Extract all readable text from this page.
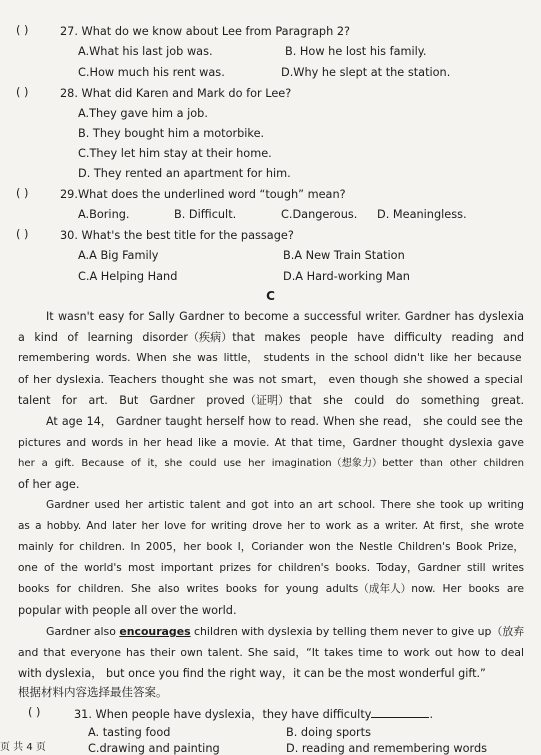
( )	27. What do we know about Lee from Paragraph 2?
A.What his last job was.	B. How he lost his family.
C.How much his rent was.	D.Why he slept at the station.
( )	28. What did Karen and Mark do for Lee?
A.They gave him a job.
B. They bought him a motorbike.
C.They let him stay at their home.
D. They rented an apartment for him.
( )	29.What does the underlined word “tough” mean?
A.Boring.	B. Difficult.	C.Dangerous. D. Meaningless.
( )	30. What's the best title for the passage?
A.A Big Family	B.A New Train Station
C.A Helping Hand	D.A Hard-working Man
C
It wasn't easy for Sally Gardner to become a successful writer. Gardner has dyslexia
a kind of learning disorder（疾病）that makes people have difficulty reading and
remembering words. When she was little， students in the school didn't like her because
of her dyslexia. Teachers thought she was not smart， even though she showed a special
talent for art. But Gardner proved（证明）that she could do something great.
At age 14， Gardner taught herself how to read. When she read， she could see the
pictures and words in her head like a movie. At that time，Gardner thought dyslexia gave
her a gift. Because of it，she could use her imagination（想象力）better than other children
of her age.
Gardner used her artistic talent and got into an art school. There she took up writing
as a hobby. And later her love for writing drove her to work as a writer. At first，she wrote
mainly for children. In 2005，her book I，Coriander won the Nestle Children's Book Prize，
one of the world's most important prizes for children's books. Today，Gardner still writes
books for children. She also writes books for young adults（成年人）now. Her books are
popular with people all over the world.
Gardner also encourages children with dyslexia by telling them never to give up（放弃
and that everyone has their own talent. She said，“It takes time to work out how to deal
with dyslexia， but once you find the right way，it can be the most wonderful gift.”
根据材料内容选择最佳答案。
( )	31. When people have dyslexia，they have difficulty	.
A. tasting food	B. doing sports
C.drawing and painting	D. reading and remembering words
页 共 4 页
